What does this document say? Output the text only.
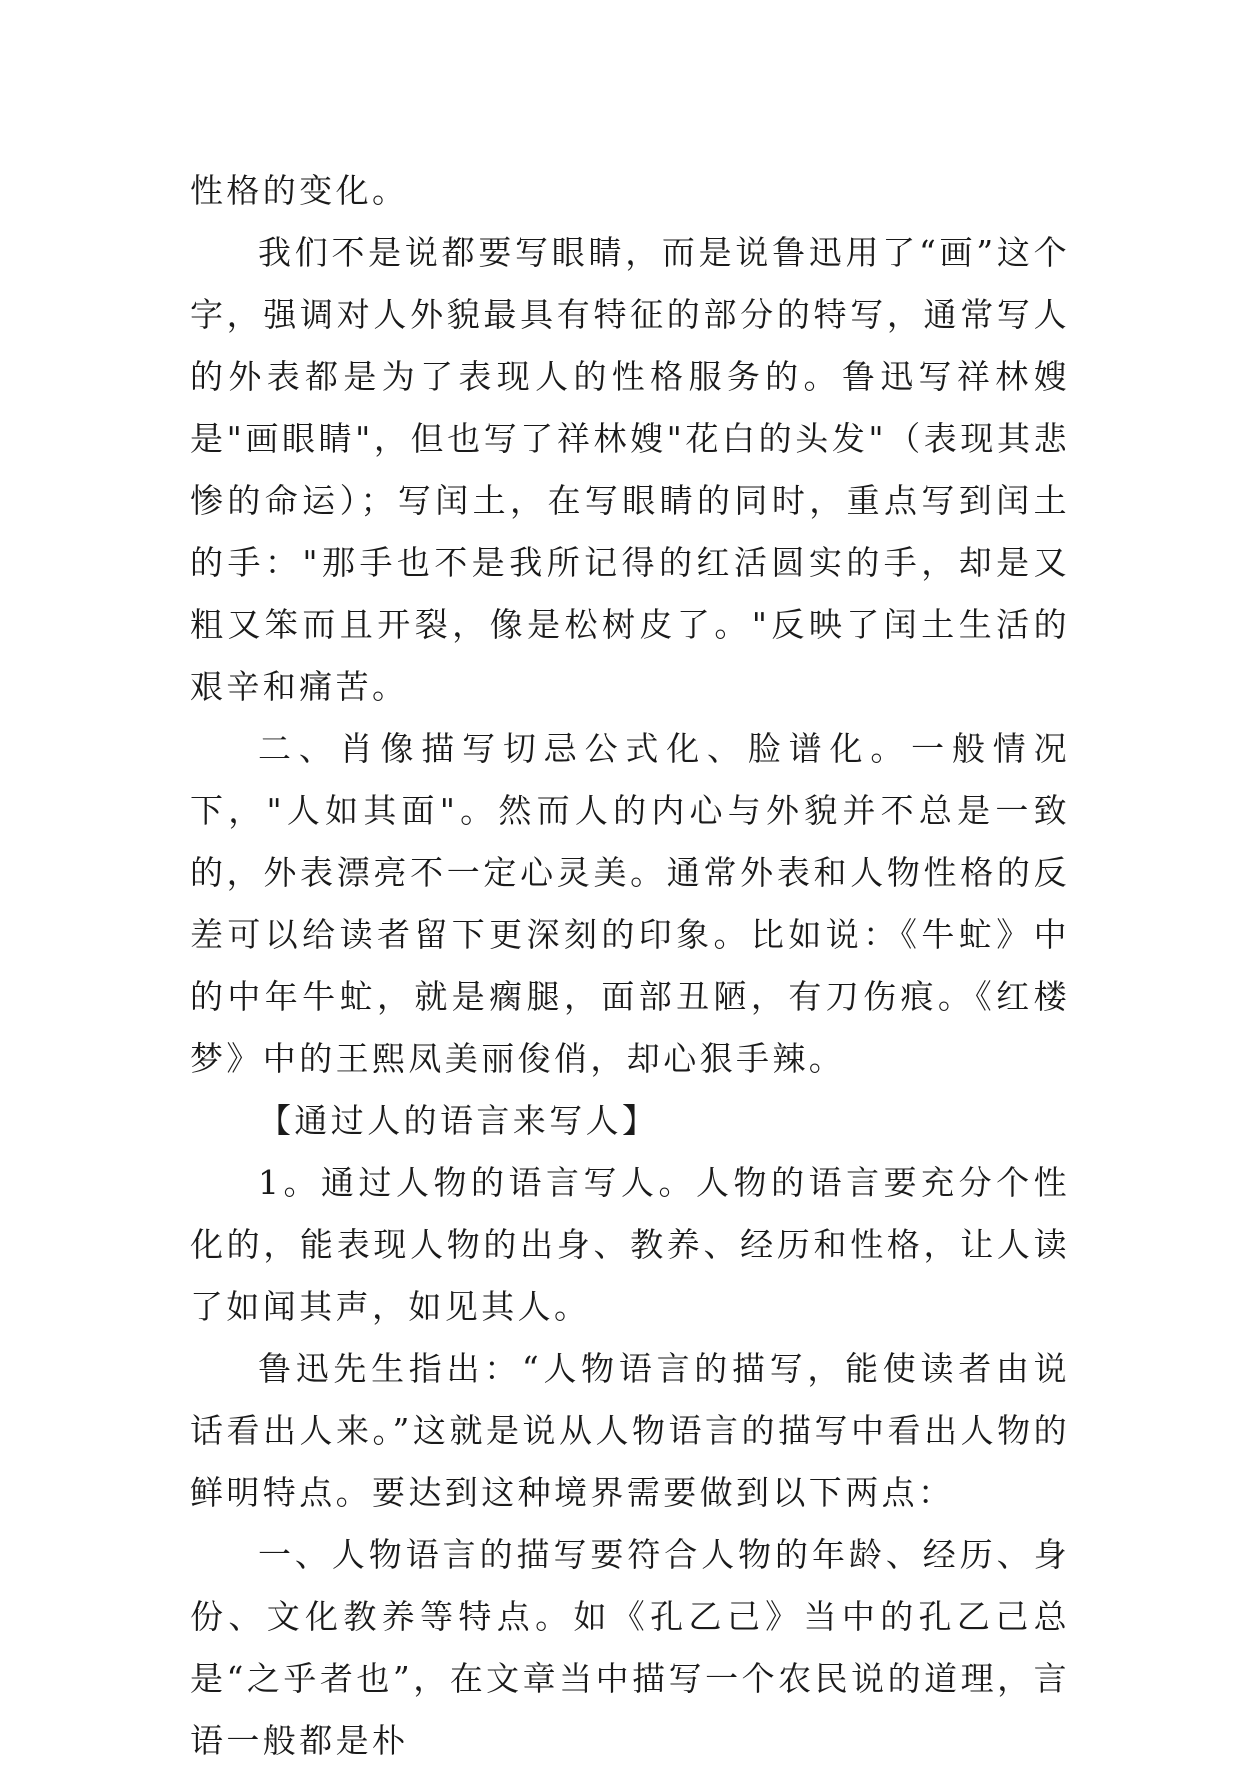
性格的变化。

我们不是说都要写眼睛，而是说鲁迅用了“画”这个字，强调对人外貌最具有特征的部分的特写，通常写人的外表都是为了表现人的性格服务的。鲁迅写祥林嫂是"画眼睛"，但也写了祥林嫂"花白的头发"（表现其悲惨的命运）；写闰土，在写眼睛的同时，重点写到闰土的手："那手也不是我所记得的红活圆实的手，却是又粗又笨而且开裂，像是松树皮了。"反映了闰土生活的艰辛和痛苦。

二、肖像描写切忌公式化、脸谱化。一般情况下，"人如其面"。然而人的内心与外貌并不总是一致的，外表漂亮不一定心灵美。通常外表和人物性格的反差可以给读者留下更深刻的印象。比如说：《牛虻》中的中年牛虻，就是瘸腿，面部丑陋，有刀伤痕。《红楼梦》中的王熙凤美丽俊俏，却心狠手辣。

【通过人的语言来写人】

1。通过人物的语言写人。人物的语言要充分个性化的，能表现人物的出身、教养、经历和性格，让人读了如闻其声，如见其人。

鲁迅先生指出：“人物语言的描写，能使读者由说话看出人来。”这就是说从人物语言的描写中看出人物的鲜明特点。要达到这种境界需要做到以下两点：

一、人物语言的描写要符合人物的年龄、经历、身份、文化教养等特点。如《孔乙己》当中的孔乙己总是“之乎者也”，在文章当中描写一个农民说的道理，言语一般都是朴
